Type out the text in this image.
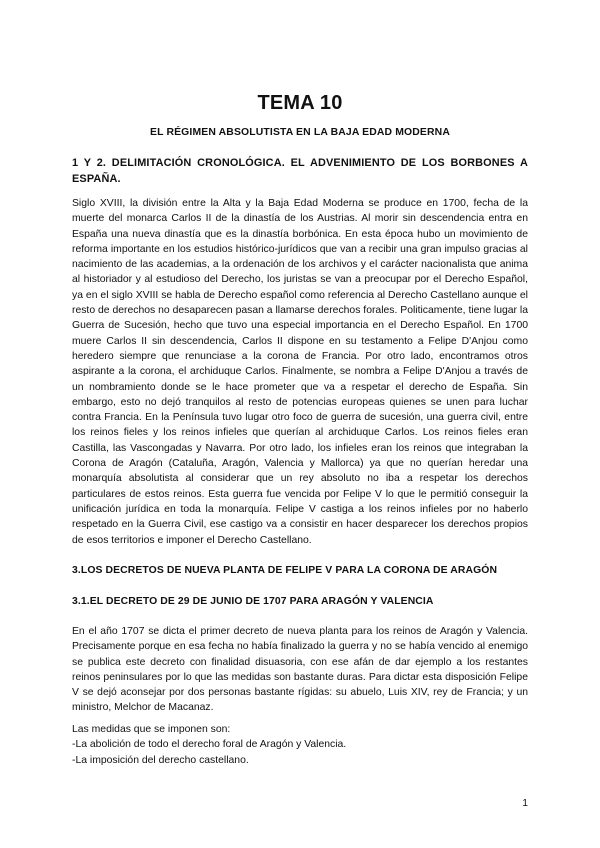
TEMA 10
EL RÉGIMEN ABSOLUTISTA EN LA BAJA EDAD MODERNA
1 Y 2. DELIMITACIÓN CRONOLÓGICA. EL ADVENIMIENTO DE LOS BORBONES A ESPAÑA.
Siglo XVIII, la división entre la Alta y la Baja Edad Moderna se produce en 1700, fecha de la muerte del monarca Carlos II de la dinastía de los Austrias. Al morir sin descendencia entra en España una nueva dinastía que es la dinastía borbónica. En esta época hubo un movimiento de reforma importante en los estudios histórico-jurídicos que van a recibir una gran impulso gracias al nacimiento de las academias, a la ordenación de los archivos y el carácter nacionalista que anima al historiador y al estudioso del Derecho, los juristas se van a preocupar por el Derecho Español, ya en el siglo XVIII se habla de Derecho español como referencia al Derecho Castellano aunque el resto de derechos no desaparecen pasan a llamarse derechos forales. Politicamente, tiene lugar la Guerra de Sucesión, hecho que tuvo una especial importancia en el Derecho Español. En 1700 muere Carlos II sin descendencia, Carlos II dispone en su testamento a Felipe D'Anjou como heredero siempre que renunciase a la corona de Francia. Por otro lado, encontramos otros aspirante a la corona, el archiduque Carlos. Finalmente, se nombra a Felipe D'Anjou a través de un nombramiento donde se le hace prometer que va a respetar el derecho de España. Sin embargo, esto no dejó tranquilos al resto de potencias europeas quienes se unen para luchar contra Francia. En la Península tuvo lugar otro foco de guerra de sucesión, una guerra civil, entre los reinos fieles y los reinos infieles que querían al archiduque Carlos. Los reinos fieles eran Castilla, las Vascongadas y Navarra. Por otro lado, los infieles eran los reinos que integraban la Corona de Aragón (Cataluña, Aragón, Valencia y Mallorca) ya que no querían heredar una monarquía absolutista al considerar que un rey absoluto no iba a respetar los derechos particulares de estos reinos. Esta guerra fue vencida por Felipe V lo que le permitió conseguir la unificación jurídica en toda la monarquía. Felipe V castiga a los reinos infieles por no haberlo respetado en la Guerra Civil, ese castigo va a consistir en hacer desparecer los derechos propios de esos territorios e imponer el Derecho Castellano.
3.LOS DECRETOS DE NUEVA PLANTA DE FELIPE V PARA LA CORONA DE ARAGÓN
3.1.EL DECRETO DE 29 DE JUNIO DE 1707 PARA ARAGÓN Y VALENCIA
En el año 1707 se dicta el primer decreto de nueva planta para los reinos de Aragón y Valencia. Precisamente porque en esa fecha no había finalizado la guerra y no se había vencido al enemigo se publica este decreto con finalidad disuasoria, con ese afán de dar ejemplo a los restantes reinos peninsulares por lo que las medidas son bastante duras. Para dictar esta disposición Felipe V se dejó aconsejar por dos personas bastante rígidas: su abuelo, Luis XIV, rey de Francia; y un ministro, Melchor de Macanaz.
Las medidas que se imponen son:
-La abolición de todo el derecho foral de Aragón y Valencia.
-La imposición del derecho castellano.
1
